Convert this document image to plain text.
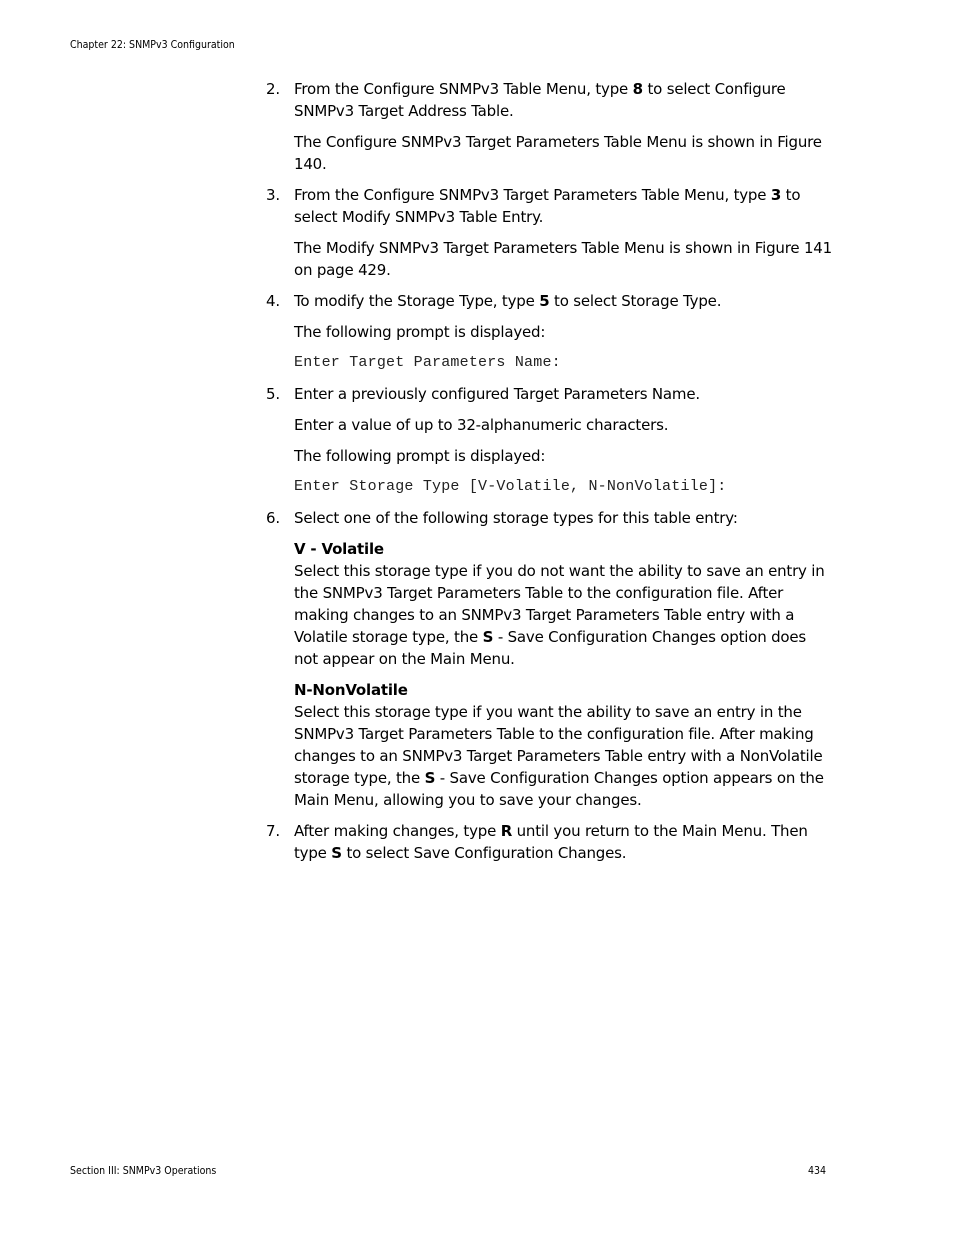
Chapter 22: SNMPv3 Configuration
2. From the Configure SNMPv3 Table Menu, type 8 to select Configure SNMPv3 Target Address Table.
The Configure SNMPv3 Target Parameters Table Menu is shown in Figure 140.
3. From the Configure SNMPv3 Target Parameters Table Menu, type 3 to select Modify SNMPv3 Table Entry.
The Modify SNMPv3 Target Parameters Table Menu is shown in Figure 141 on page 429.
4. To modify the Storage Type, type 5 to select Storage Type.
The following prompt is displayed:
Enter Target Parameters Name:
5. Enter a previously configured Target Parameters Name.
Enter a value of up to 32-alphanumeric characters.
The following prompt is displayed:
Enter Storage Type [V-Volatile, N-NonVolatile]:
6. Select one of the following storage types for this table entry:
V - Volatile
Select this storage type if you do not want the ability to save an entry in the SNMPv3 Target Parameters Table to the configuration file. After making changes to an SNMPv3 Target Parameters Table entry with a Volatile storage type, the S - Save Configuration Changes option does not appear on the Main Menu.
N-NonVolatile
Select this storage type if you want the ability to save an entry in the SNMPv3 Target Parameters Table to the configuration file. After making changes to an SNMPv3 Target Parameters Table entry with a NonVolatile storage type, the S - Save Configuration Changes option appears on the Main Menu, allowing you to save your changes.
7. After making changes, type R until you return to the Main Menu. Then type S to select Save Configuration Changes.
Section III: SNMPv3 Operations	434
